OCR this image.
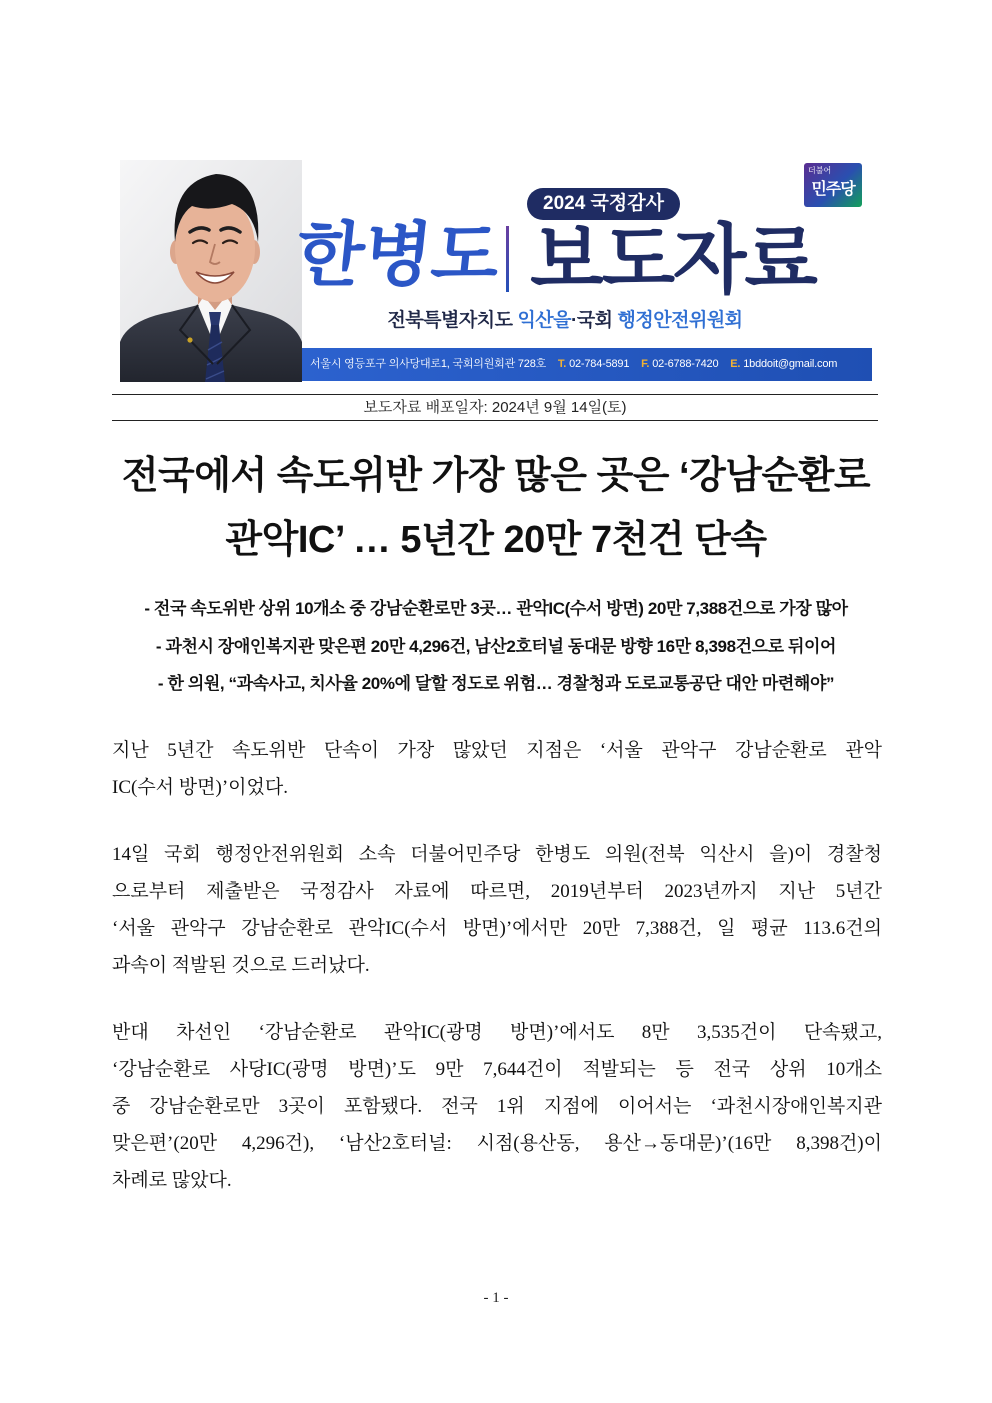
서울시 영등포구 의사당대로1, 국회의원회관 728호 T. 02-784-5891 F. 02-6788-7420 E. 1bddoit@gmail.com
2024 국정감사
한병도 보도자료
더불어
민주당
전북특별자치도 익산을·국회 행정안전위원회
보도자료 배포일자: 2024년 9월 14일(토)
전국에서 속도위반 가장 많은 곳은 ‘강남순환로
관악IC’ … 5년간 20만 7천건 단속
- 전국 속도위반 상위 10개소 중 강남순환로만 3곳… 관악IC(수서 방면) 20만 7,388건으로 가장 많아
- 과천시 장애인복지관 맞은편 20만 4,296건, 남산2호터널 동대문 방향 16만 8,398건으로 뒤이어
- 한 의원, “과속사고, 치사율 20%에 달할 정도로 위험… 경찰청과 도로교통공단 대안 마련해야”
지난 5년간 속도위반 단속이 가장 많았던 지점은 ‘서울 관악구 강남순환로 관악
IC(수서 방면)’이었다.
14일 국회 행정안전위원회 소속 더불어민주당 한병도 의원(전북 익산시 을)이 경찰청
으로부터 제출받은 국정감사 자료에 따르면, 2019년부터 2023년까지 지난 5년간
‘서울 관악구 강남순환로 관악IC(수서 방면)’에서만 20만 7,388건, 일 평균 113.6건의
과속이 적발된 것으로 드러났다.
반대 차선인 ‘강남순환로 관악IC(광명 방면)’에서도 8만 3,535건이 단속됐고,
‘강남순환로 사당IC(광명 방면)’도 9만 7,644건이 적발되는 등 전국 상위 10개소
중 강남순환로만 3곳이 포함됐다. 전국 1위 지점에 이어서는 ‘과천시장애인복지관
맞은편’(20만 4,296건), ‘남산2호터널: 시점(용산동, 용산→동대문)’(16만 8,398건)이
차례로 많았다.
- 1 -
